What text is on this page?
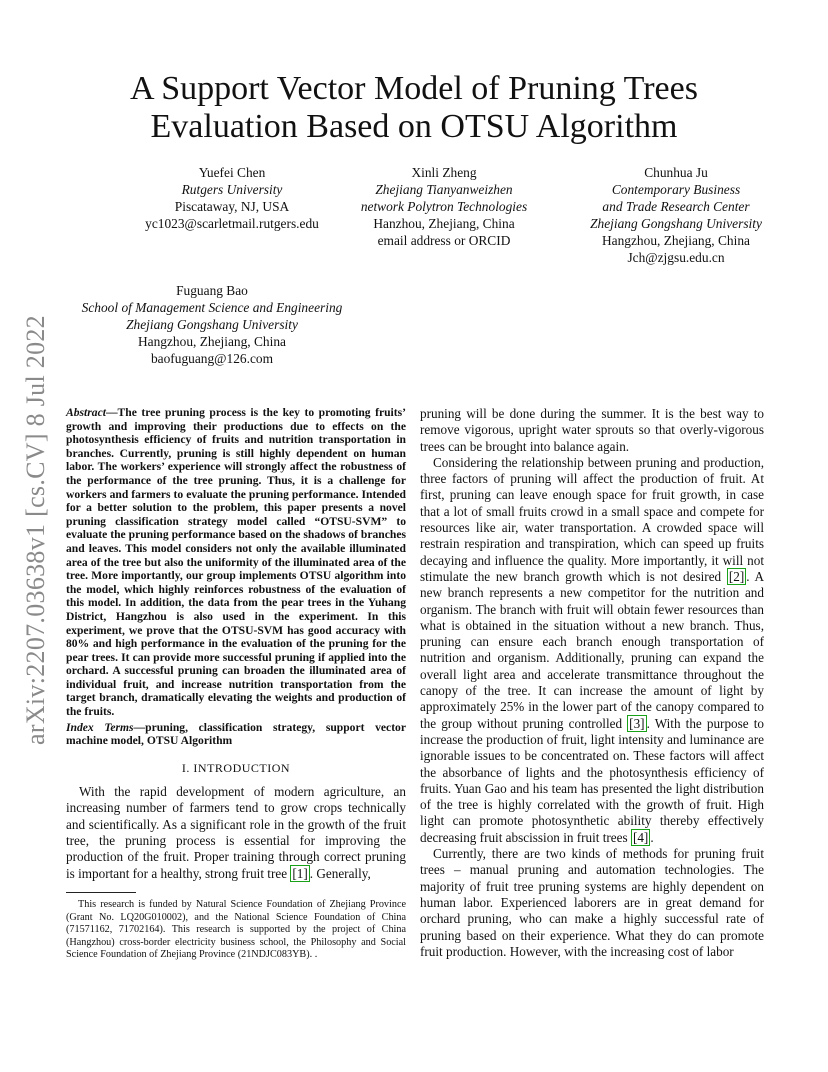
arXiv:2207.03638v1 [cs.CV] 8 Jul 2022
A Support Vector Model of Pruning Trees Evaluation Based on OTSU Algorithm
Yuefei Chen
Rutgers University
Piscataway, NJ, USA
yc1023@scarletmail.rutgers.edu
Xinli Zheng
Zhejiang Tianyanweizhen
network Polytron Technologies
Hanzhou, Zhejiang, China
email address or ORCID
Chunhua Ju
Contemporary Business
and Trade Research Center
Zhejiang Gongshang University
Hangzhou, Zhejiang, China
Jch@zjgsu.edu.cn
Fuguang Bao
School of Management Science and Engineering
Zhejiang Gongshang University
Hangzhou, Zhejiang, China
baofuguang@126.com

Abstract—The tree pruning process is the key to promoting fruits’ growth and improving their productions due to effects on the photosynthesis efficiency of fruits and nutrition transportation in branches. Currently, pruning is still highly dependent on human labor. The workers’ experience will strongly affect the robustness of the performance of the tree pruning. Thus, it is a challenge for workers and farmers to evaluate the pruning performance. Intended for a better solution to the problem, this paper presents a novel pruning classification strategy model called “OTSU-SVM” to evaluate the pruning performance based on the shadows of branches and leaves. This model considers not only the available illuminated area of the tree but also the uniformity of the illuminated area of the tree. More importantly, our group implements OTSU algorithm into the model, which highly reinforces robustness of the evaluation of this model. In addition, the data from the pear trees in the Yuhang District, Hangzhou is also used in the experiment. In this experiment, we prove that the OTSU-SVM has good accuracy with 80% and high performance in the evaluation of the pruning for the pear trees. It can provide more successful pruning if applied into the orchard. A successful pruning can broaden the illuminated area of individual fruit, and increase nutrition transportation from the target branch, dramatically elevating the weights and production of the fruits.

Index Terms—pruning, classification strategy, support vector machine model, OTSU Algorithm

I. INTRODUCTION

With the rapid development of modern agriculture, an increasing number of farmers tend to grow crops technically and scientifically. As a significant role in the growth of the fruit tree, the pruning process is essential for improving the production of the fruit. Proper training through correct pruning is important for a healthy, strong fruit tree [1] . Generally,

This research is funded by Natural Science Foundation of Zhejiang Province (Grant No. LQ20G010002), and the National Science Foundation of China (71571162, 71702164). This research is supported by the project of China (Hangzhou) cross-border electricity business school, the Philosophy and Social Science Foundation of Zhejiang Province (21NDJC083YB). .

pruning will be done during the summer. It is the best way to remove vigorous, upright water sprouts so that overly-vigorous trees can be brought into balance again.

Considering the relationship between pruning and production, three factors of pruning will affect the production of fruit. At first, pruning can leave enough space for fruit growth, in case that a lot of small fruits crowd in a small space and compete for resources like air, water transportation. A crowded space will restrain respiration and transpiration, which can speed up fruits decaying and influence the quality. More importantly, it will not stimulate the new branch growth which is not desired [2] . A new branch represents a new competitor for the nutrition and organism. The branch with fruit will obtain fewer resources than what is obtained in the situation without a new branch. Thus, pruning can ensure each branch enough transportation of nutrition and organism. Additionally, pruning can expand the overall light area and accelerate transmittance throughout the canopy of the tree. It can increase the amount of light by approximately 25% in the lower part of the canopy compared to the group without pruning controlled [3] . With the purpose to increase the production of fruit, light intensity and luminance are ignorable issues to be concentrated on. These factors will affect the absorbance of lights and the photosynthesis efficiency of fruits. Yuan Gao and his team has presented the light distribution of the tree is highly correlated with the growth of fruit. High light can promote photosynthetic ability thereby effectively decreasing fruit abscission in fruit trees [4] .

Currently, there are two kinds of methods for pruning fruit trees – manual pruning and automation technologies. The majority of fruit tree pruning systems are highly dependent on human labor. Experienced laborers are in great demand for orchard pruning, who can make a highly successful rate of pruning based on their experience. What they do can promote fruit production. However, with the increasing cost of labor
